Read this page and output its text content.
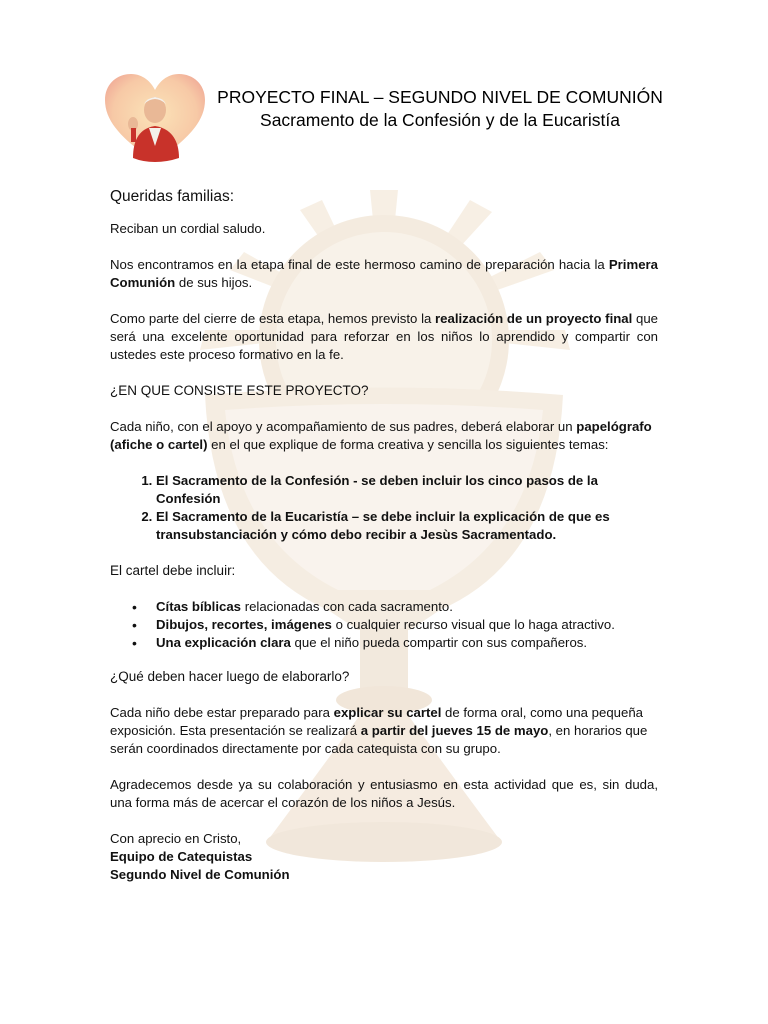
PROYECTO FINAL – SEGUNDO NIVEL DE COMUNIÓN
Sacramento de la Confesión y de la Eucaristía
Queridas familias:

Reciban un cordial saludo.

Nos encontramos en la etapa final de este hermoso camino de preparación hacia la Primera Comunión de sus hijos.

Como parte del cierre de esta etapa, hemos previsto la realización de un proyecto final que será una excelente oportunidad para reforzar en los niños lo aprendido y compartir con ustedes este proceso formativo en la fe.

¿EN QUE CONSISTE ESTE PROYECTO?

Cada niño, con el apoyo y acompañamiento de sus padres, deberá elaborar un papelógrafo (afiche o cartel) en el que explique de forma creativa y sencilla los siguientes temas:

1. El Sacramento de la Confesión - se deben incluir los cinco pasos de la Confesión
2. El Sacramento de la Eucaristía – se debe incluir la explicación de que es transubstanciación y cómo debo recibir a Jesùs Sacramentado.
El cartel debe incluir:
• Cítas bíblicas relacionadas con cada sacramento.
• Dibujos, recortes, imágenes o cualquier recurso visual que lo haga atractivo.
• Una explicación clara que el niño pueda compartir con sus compañeros.
¿Qué deben hacer luego de elaborarlo?

Cada niño debe estar preparado para explicar su cartel de forma oral, como una pequeña exposición. Esta presentación se realizará a partir del jueves 15 de mayo, en horarios que serán coordinados directamente por cada catequista con su grupo.

Agradecemos desde ya su colaboración y entusiasmo en esta actividad que es, sin duda, una forma más de acercar el corazón de los niños a Jesús.

Con aprecio en Cristo,
Equipo de Catequistas
Segundo Nivel de Comunión
